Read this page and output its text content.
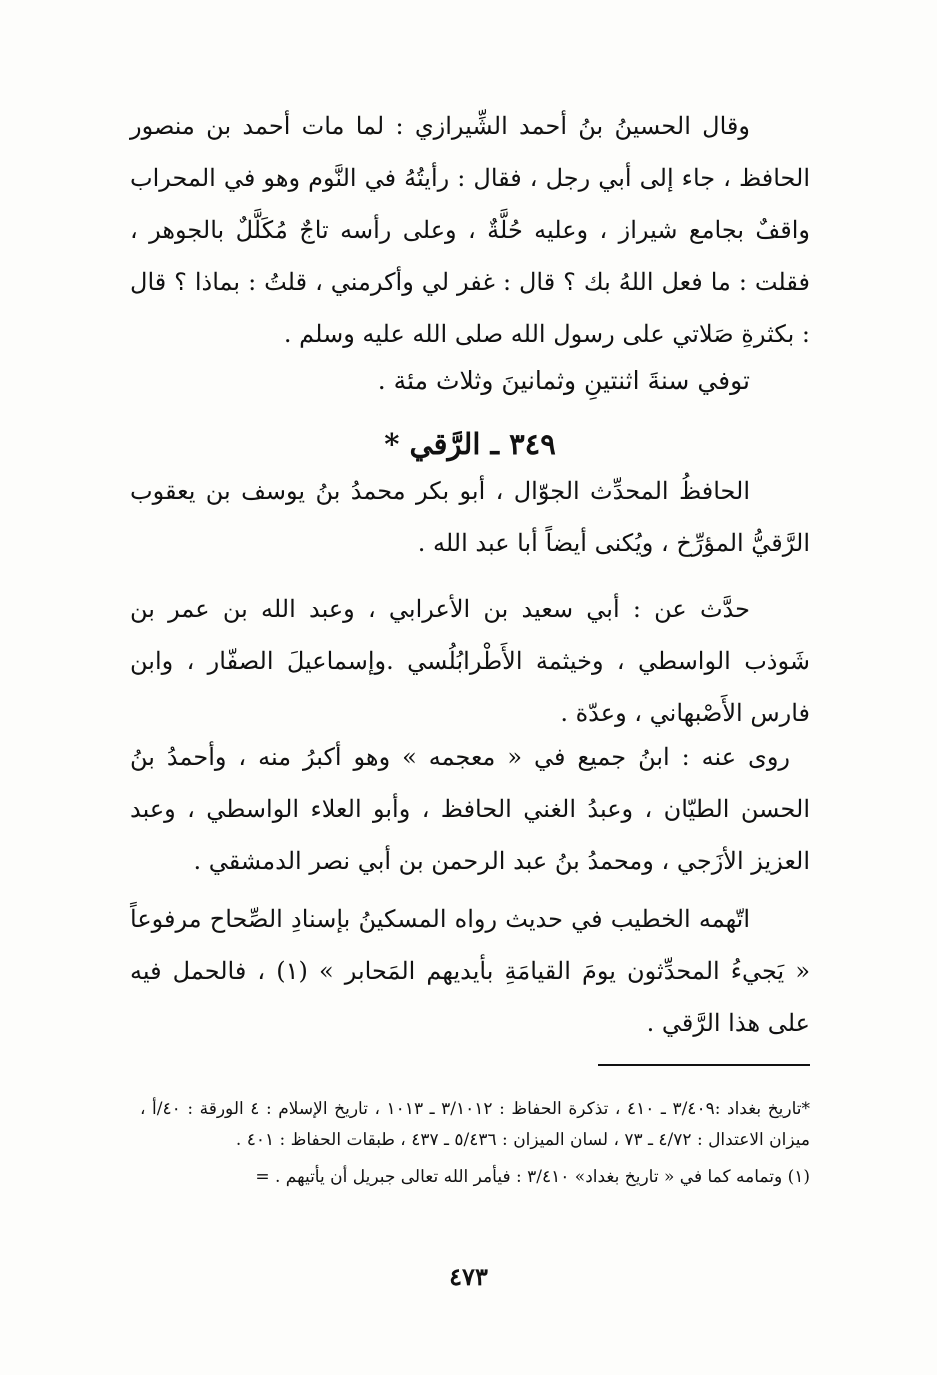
وقال الحسينُ بنُ أحمد الشِّيرازي : لما مات أحمد بن منصور الحافظ ، جاء إلى أبي رجل ، فقال : رأيتُهُ في النَّوم وهو في المحراب واقفٌ بجامع شيراز ، وعليه حُلَّةٌ ، وعلى رأسه تاجٌ مُكَلَّلٌ بالجوهر ، فقلت : ما فعل اللهُ بك ؟ قال : غفر لي وأكرمني ، قلتُ : بماذا ؟ قال : بكثرةِ صَلاتي على رسول الله صلى الله عليه وسلم .

توفي سنةَ اثنتينِ وثمانينَ وثلاث مئة .

٣٤٩ ـ الرَّقي *

الحافظُ المحدِّث الجوّال ، أبو بكر محمدُ بنُ يوسف بن يعقوب الرَّقيُّ المؤرِّخ ، ويُكنى أيضاً أبا عبد الله .

حدَّث عن : أبي سعيد بن الأعرابي ، وعبد الله بن عمر بن شَوذب الواسطي ، وخيثمة الأَطْرابُلُسي .وإسماعيلَ الصفّار ، وابن فارس الأَصْبهاني ، وعدّة .

روى عنه : ابنُ جميع في « معجمه » وهو أكبرُ منه ، وأحمدُ بنُ الحسن الطيّان ، وعبدُ الغني الحافظ ، وأبو العلاء الواسطي ، وعبد العزيز الأزَجي ، ومحمدُ بنُ عبد الرحمن بن أبي نصر الدمشقي .

اتّهمه الخطيب في حديث رواه المسكينُ بإسنادِ الصِّحاح مرفوعاً « يَجيءُ المحدِّثون يومَ القيامَةِ بأيديهم المَحابر » (١) ، فالحمل فيه على هذا الرَّقي .

*تاريخ بغداد :٣/٤٠٩ ـ ٤١٠ ، تذكرة الحفاظ : ٣/١٠١٢ ـ ١٠١٣ ، تاريخ الإسلام : ٤ الورقة : ٤٠/أ ، ميزان الاعتدال : ٤/٧٢ ـ ٧٣ ، لسان الميزان : ٥/٤٣٦ ـ ٤٣٧ ، طبقات الحفاظ : ٤٠١ .
(١) وتمامه كما في « تاريخ بغداد» ٣/٤١٠ : فيأمر الله تعالى جبريل أن يأتيهم . =
٤٧٣
